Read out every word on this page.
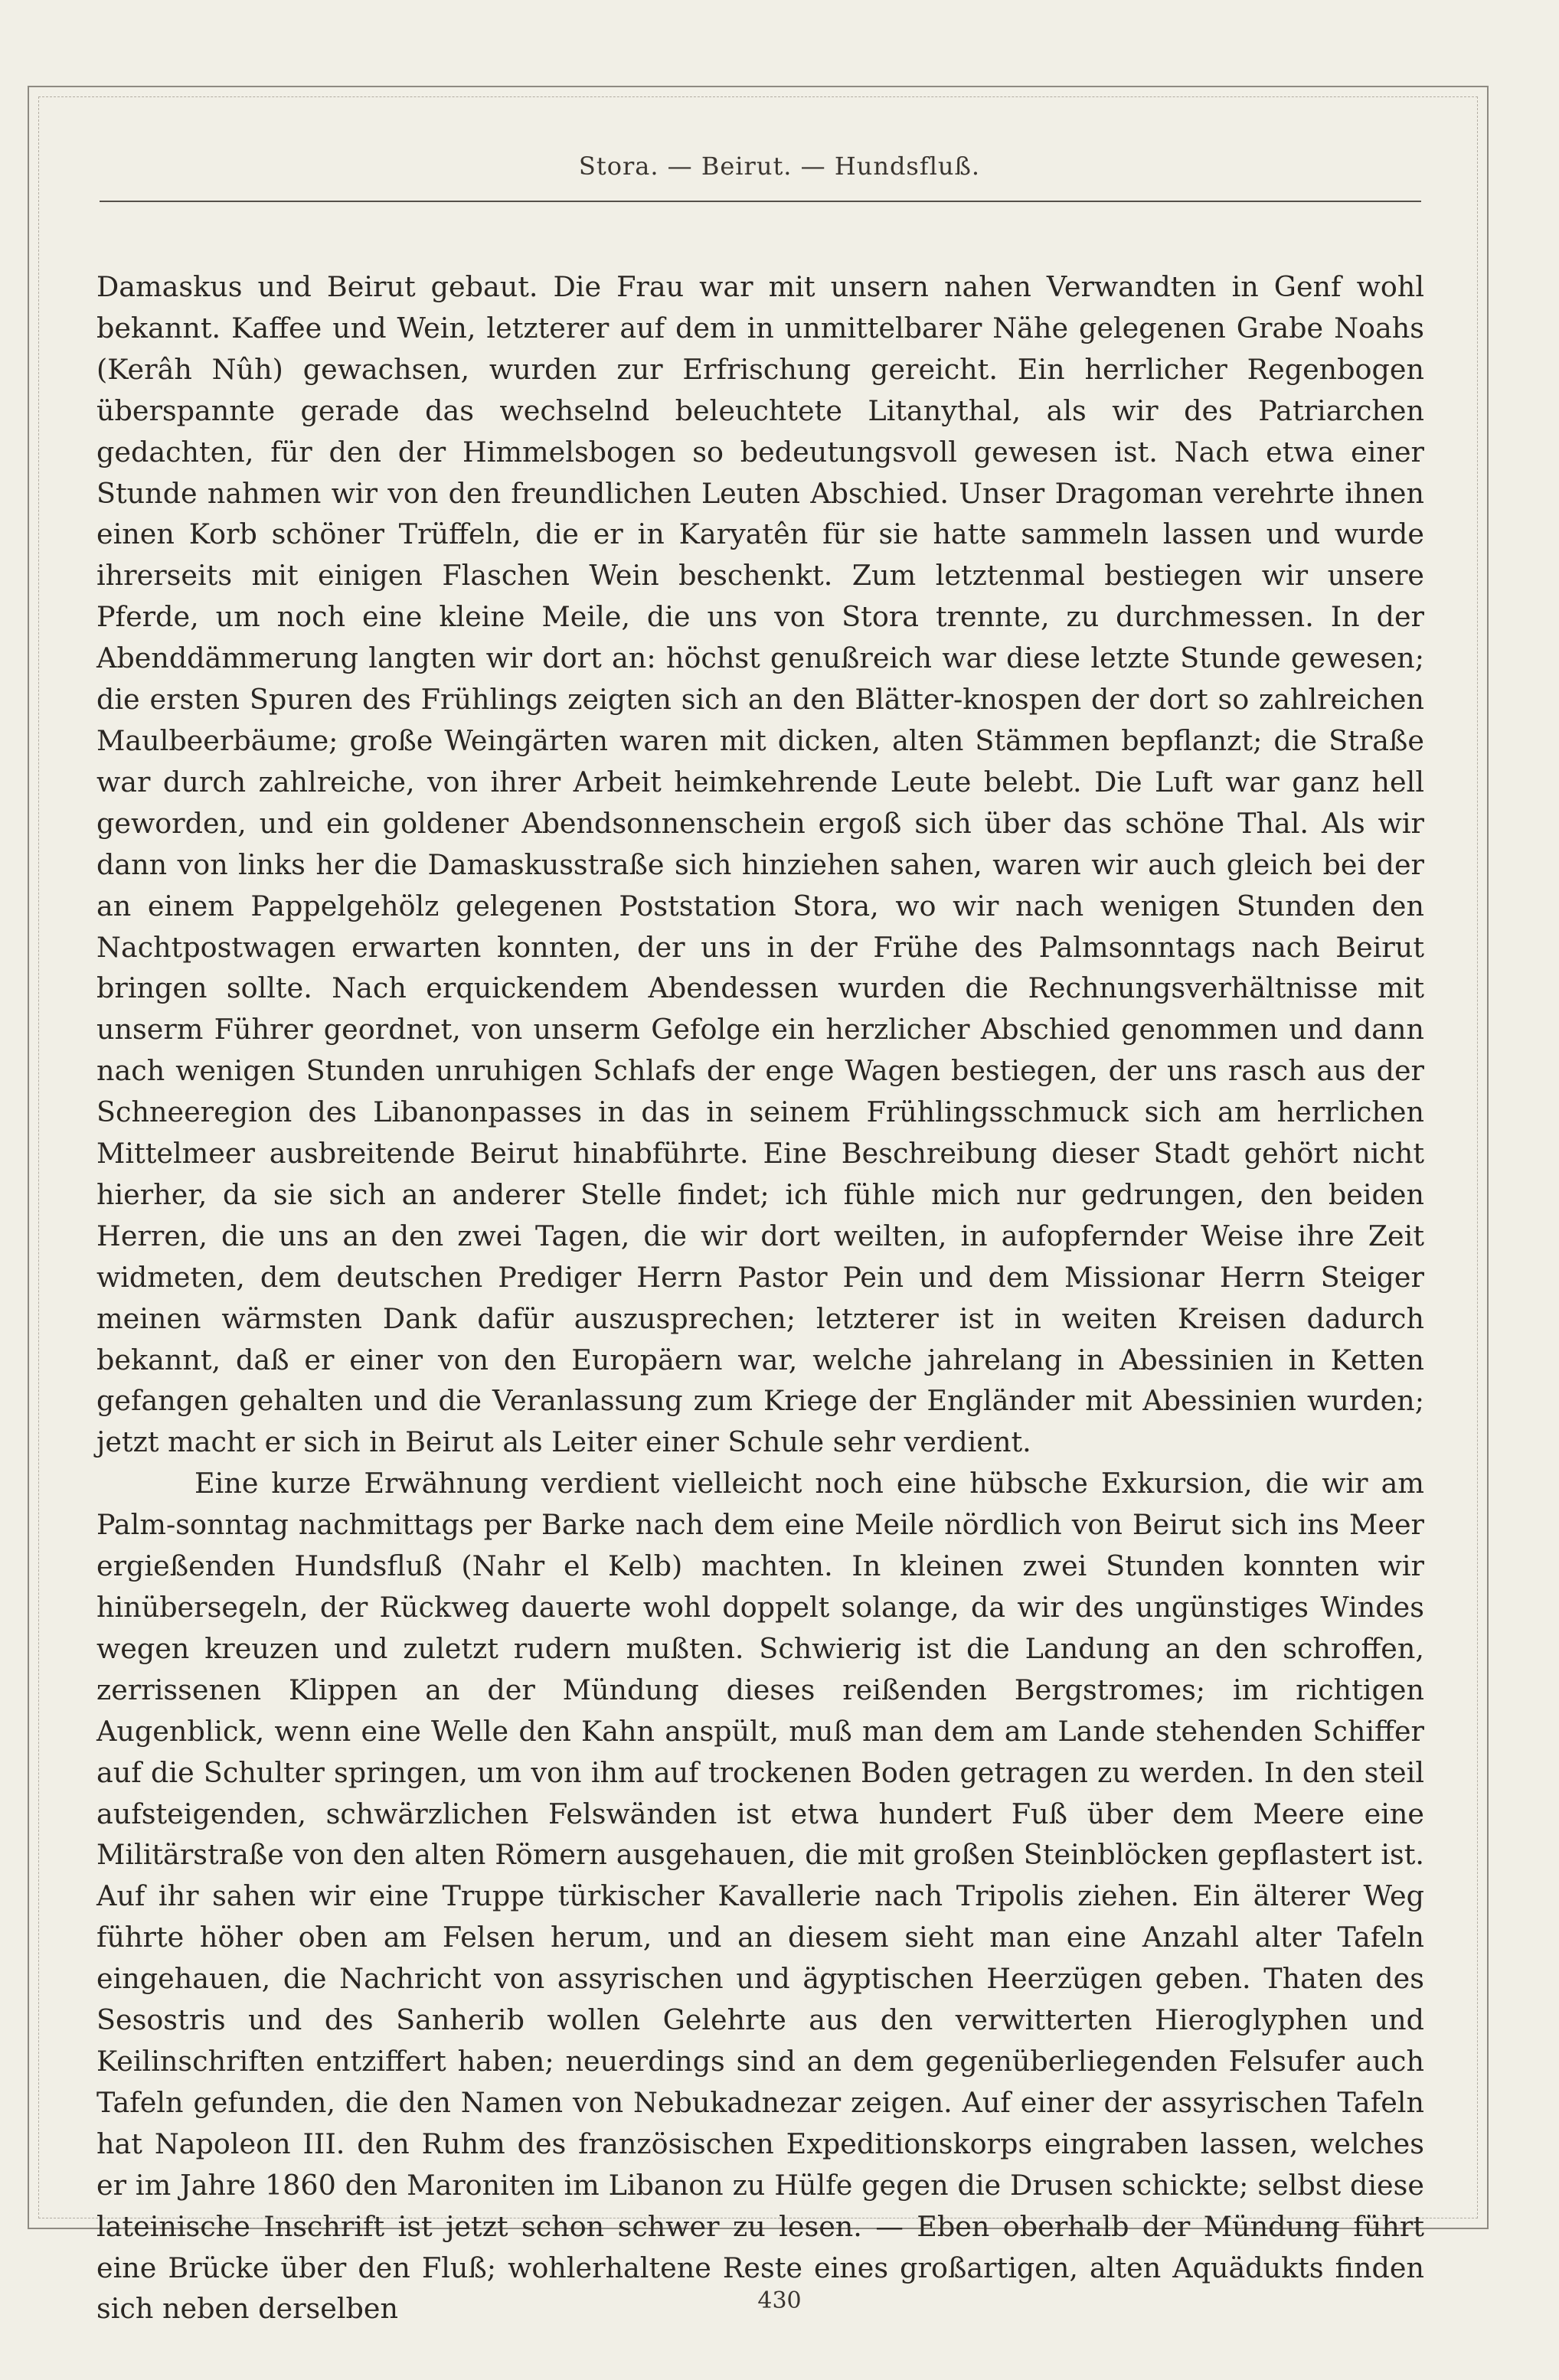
Stora. — Beirut. — Hundsfluß.

Damaskus und Beirut gebaut. Die Frau war mit unsern nahen Verwandten in Genf wohl bekannt. Kaffee und Wein, letzterer auf dem in unmittelbarer Nähe gelegenen Grabe Noahs (Kerâh Nûh) gewachsen, wurden zur Erfrischung gereicht. Ein herrlicher Regenbogen überspannte gerade das wechselnd beleuchtete Litanythal, als wir des Patriarchen gedachten, für den der Himmelsbogen so bedeutungsvoll gewesen ist. Nach etwa einer Stunde nahmen wir von den freundlichen Leuten Abschied. Unser Dragoman verehrte ihnen einen Korb schöner Trüffeln, die er in Karyatên für sie hatte sammeln lassen und wurde ihrerseits mit einigen Flaschen Wein beschenkt. Zum letztenmal bestiegen wir unsere Pferde, um noch eine kleine Meile, die uns von Stora trennte, zu durchmessen. In der Abenddämmerung langten wir dort an: höchst genußreich war diese letzte Stunde gewesen; die ersten Spuren des Frühlings zeigten sich an den Blätter-knospen der dort so zahlreichen Maulbeerbäume; große Weingärten waren mit dicken, alten Stämmen bepflanzt; die Straße war durch zahlreiche, von ihrer Arbeit heimkehrende Leute belebt. Die Luft war ganz hell geworden, und ein goldener Abendsonnenschein ergoß sich über das schöne Thal. Als wir dann von links her die Damaskusstraße sich hinziehen sahen, waren wir auch gleich bei der an einem Pappelgehölz gelegenen Poststation Stora, wo wir nach wenigen Stunden den Nachtpostwagen erwarten konnten, der uns in der Frühe des Palmsonntags nach Beirut bringen sollte. Nach erquickendem Abendessen wurden die Rechnungsverhältnisse mit unserm Führer geordnet, von unserm Gefolge ein herzlicher Abschied genommen und dann nach wenigen Stunden unruhigen Schlafs der enge Wagen bestiegen, der uns rasch aus der Schneeregion des Libanonpasses in das in seinem Frühlingsschmuck sich am herrlichen Mittelmeer ausbreitende Beirut hinabführte. Eine Beschreibung dieser Stadt gehört nicht hierher, da sie sich an anderer Stelle findet; ich fühle mich nur gedrungen, den beiden Herren, die uns an den zwei Tagen, die wir dort weilten, in aufopfernder Weise ihre Zeit widmeten, dem deutschen Prediger Herrn Pastor Pein und dem Missionar Herrn Steiger meinen wärmsten Dank dafür auszusprechen; letzterer ist in weiten Kreisen dadurch bekannt, daß er einer von den Europäern war, welche jahrelang in Abessinien in Ketten gefangen gehalten und die Veranlassung zum Kriege der Engländer mit Abessinien wurden; jetzt macht er sich in Beirut als Leiter einer Schule sehr verdient.

Eine kurze Erwähnung verdient vielleicht noch eine hübsche Exkursion, die wir am Palm-sonntag nachmittags per Barke nach dem eine Meile nördlich von Beirut sich ins Meer ergießenden Hundsfluß (Nahr el Kelb) machten. In kleinen zwei Stunden konnten wir hinübersegeln, der Rückweg dauerte wohl doppelt solange, da wir des ungünstiges Windes wegen kreuzen und zuletzt rudern mußten. Schwierig ist die Landung an den schroffen, zerrissenen Klippen an der Mündung dieses reißenden Bergstromes; im richtigen Augenblick, wenn eine Welle den Kahn anspült, muß man dem am Lande stehenden Schiffer auf die Schulter springen, um von ihm auf trockenen Boden getragen zu werden. In den steil aufsteigenden, schwärzlichen Felswänden ist etwa hundert Fuß über dem Meere eine Militärstraße von den alten Römern ausgehauen, die mit großen Steinblöcken gepflastert ist. Auf ihr sahen wir eine Truppe türkischer Kavallerie nach Tripolis ziehen. Ein älterer Weg führte höher oben am Felsen herum, und an diesem sieht man eine Anzahl alter Tafeln eingehauen, die Nachricht von assyrischen und ägyptischen Heerzügen geben. Thaten des Sesostris und des Sanherib wollen Gelehrte aus den verwitterten Hieroglyphen und Keilinschriften entziffert haben; neuerdings sind an dem gegenüberliegenden Felsufer auch Tafeln gefunden, die den Namen von Nebukadnezar zeigen. Auf einer der assyrischen Tafeln hat Napoleon III. den Ruhm des französischen Expeditionskorps eingraben lassen, welches er im Jahre 1860 den Maroniten im Libanon zu Hülfe gegen die Drusen schickte; selbst diese lateinische Inschrift ist jetzt schon schwer zu lesen. — Eben oberhalb der Mündung führt eine Brücke über den Fluß; wohlerhaltene Reste eines großartigen, alten Aquädukts finden sich neben derselben	430
